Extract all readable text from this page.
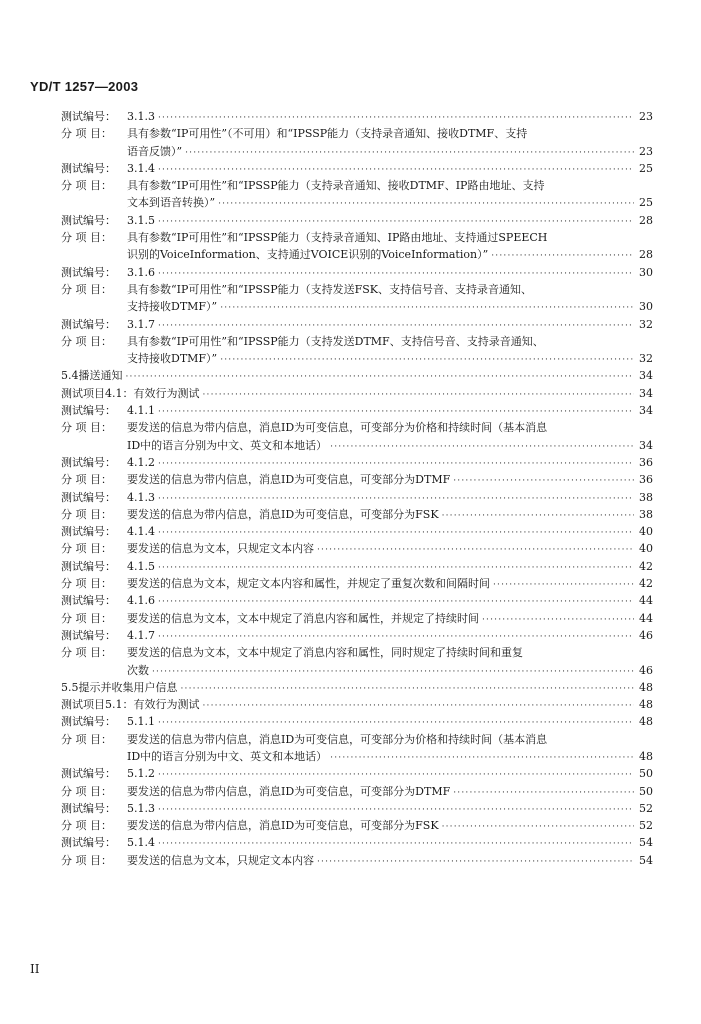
YD/T 1257—2003
测试编号：	3.1.3 ·····	23
分 项 目：	具有参数“IP可用性”（不可用）和“IPSSP能力（支持录音通知、接收DTMF、支持
语音反馈）” ·····	23
测试编号：	3.1.4 ·····	25
分 项 目：	具有参数“IP可用性”和“IPSSP能力（支持录音通知、接收DTMF、IP路由地址、支持
文本到语音转换）” ·····	25
测试编号：	3.1.5 ·····	28
分 项 目：	具有参数“IP可用性”和“IPSSP能力（支持录音通知、IP路由地址、支持通过SPEECH
识别的VoiceInformation、支持通过VOICE识别的VoiceInformation）” ·····	28
测试编号：	3.1.6 ·····	30
分 项 目：	具有参数“IP可用性”和“IPSSP能力（支持发送FSK、支持信号音、支持录音通知、
支持接收DTMF）” ·····	30
测试编号：	3.1.7 ·····	32
分 项 目：	具有参数“IP可用性”和“IPSSP能力（支持发送DTMF、支持信号音、支持录音通知、
支持接收DTMF）” ·····	32
5.4 播送通知 ·····	34
测试项目4.1：有效行为测试 ·····	34
测试编号：	4.1.1 ·····	34
分 项 目：	要发送的信息为带内信息，消息ID为可变信息，可变部分为价格和持续时间（基本消息
ID中的语言分别为中文、英文和本地话） ·····	34
测试编号：	4.1.2 ·····	36
分 项 目：	要发送的信息为带内信息，消息ID为可变信息，可变部分为DTMF ·····	36
测试编号：	4.1.3 ·····	38
分 项 目：	要发送的信息为带内信息，消息ID为可变信息，可变部分为FSK ·····	38
测试编号：	4.1.4 ·····	40
分 项 目：	要发送的信息为文本，只规定文本内容 ·····	40
测试编号：	4.1.5 ·····	42
分 项 目：	要发送的信息为文本，规定文本内容和属性，并规定了重复次数和间隔时间 ·····	42
测试编号：	4.1.6 ·····	44
分 项 目：	要发送的信息为文本，文本中规定了消息内容和属性，并规定了持续时间 ·····	44
测试编号：	4.1.7 ·····	46
分 项 目：	要发送的信息为文本，文本中规定了消息内容和属性，同时规定了持续时间和重复
次数 ·····	46
5.5 提示并收集用户信息 ·····	48
测试项目5.1：有效行为测试 ·····	48
测试编号：	5.1.1 ·····	48
分 项 目：	要发送的信息为带内信息，消息ID为可变信息，可变部分为价格和持续时间（基本消息
ID中的语言分别为中文、英文和本地话） ·····	48
测试编号：	5.1.2 ·····	50
分 项 目：	要发送的信息为带内信息，消息ID为可变信息，可变部分为DTMF ·····	50
测试编号：	5.1.3 ·····	52
分 项 目：	要发送的信息为带内信息，消息ID为可变信息，可变部分为FSK ·····	52
测试编号：	5.1.4 ·····	54
分 项 目：	要发送的信息为文本，只规定文本内容 ·····	54
II
